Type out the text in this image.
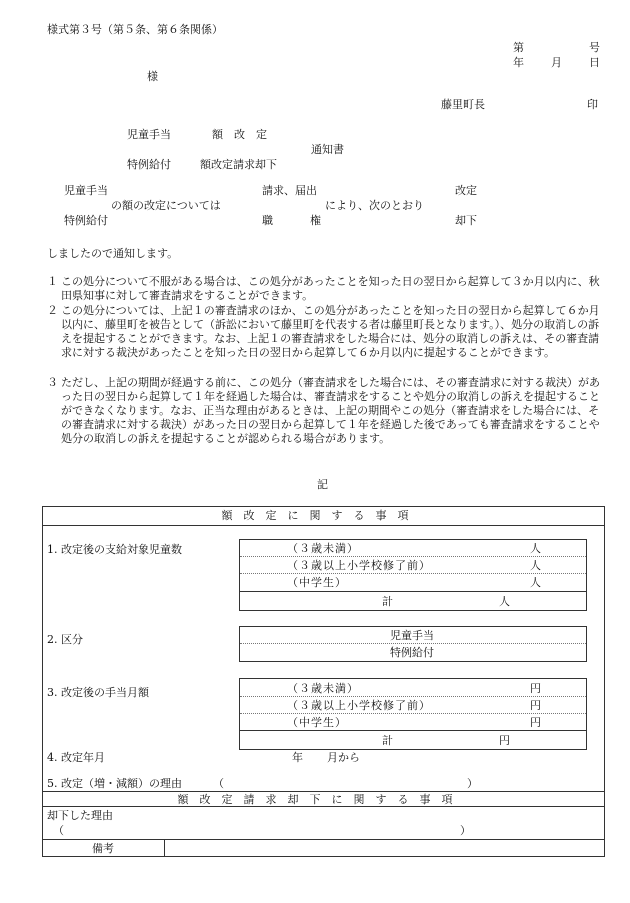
様式第３号（第５条、第６条関係）
第	号
年 月 日
様
藤里町長	印
児童手当	額　改　定
通知書
特例給付	額改定請求却下
児童手当	請求、届出	改定
の額の改定については	により、次のとおり
特例給付	職	権	却下
しましたので通知します。
１ この処分について不服がある場合は、この処分があったことを知った日の翌日から起算して３か月以内に、秋田県知事に対して審査請求をすることができます。
２ この処分については、上記１の審査請求のほか、この処分があったことを知った日の翌日から起算して６か月以内に、藤里町を被告として（訴訟において藤里町を代表する者は藤里町長となります。）、処分の取消しの訴えを提起することができます。なお、上記１の審査請求をした場合には、処分の取消しの訴えは、その審査請求に対する裁決があったことを知った日の翌日から起算して６か月以内に提起することができます。
３ ただし、上記の期間が経過する前に、この処分（審査請求をした場合には、その審査請求に対する裁決）があった日の翌日から起算して１年を経過した場合は、審査請求をすることや処分の取消しの訴えを提起することができなくなります。なお、正当な理由があるときは、上記の期間やこの処分（審査請求をした場合には、その審査請求に対する裁決）があった日の翌日から起算して１年を経過した後であっても審査請求をすることや処分の取消しの訴えを提起することが認められる場合があります。
記
額　改　定　に　関　す　る　事　項
1. 改定後の支給対象児童数	（３歳未満）	人
（３歳以上小学校修了前）	人
（中学生）	人
計	人
2. 区分	児童手当
特例給付
3. 改定後の手当月額	（３歳未満）	円
（３歳以上小学校修了前）	円
（中学生）	円
計	円
4. 改定年月	年 月から
5. 改定（増・減額）の理由	（	）
額　改　定　請　求　却　下　に　関　す　る　事　項
却下した理由
（	）
備考
